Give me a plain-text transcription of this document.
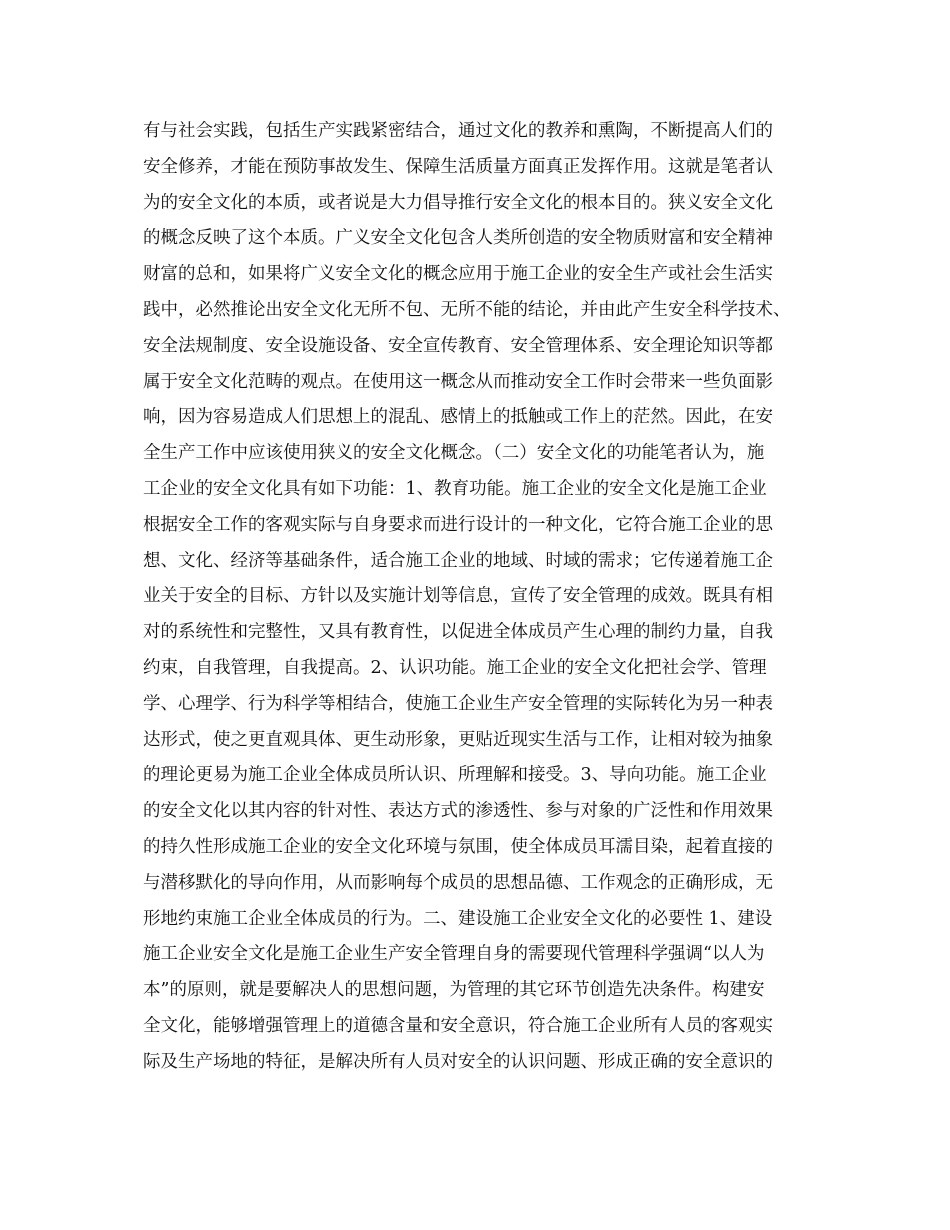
有与社会实践，包括生产实践紧密结合，通过文化的教养和熏陶，不断提高人们的
安全修养，才能在预防事故发生、保障生活质量方面真正发挥作用。这就是笔者认
为的安全文化的本质，或者说是大力倡导推行安全文化的根本目的。狭义安全文化
的概念反映了这个本质。广义安全文化包含人类所创造的安全物质财富和安全精神
财富的总和，如果将广义安全文化的概念应用于施工企业的安全生产或社会生活实
践中，必然推论出安全文化无所不包、无所不能的结论，并由此产生安全科学技术、
安全法规制度、安全设施设备、安全宣传教育、安全管理体系、安全理论知识等都
属于安全文化范畴的观点。在使用这一概念从而推动安全工作时会带来一些负面影
响，因为容易造成人们思想上的混乱、感情上的抵触或工作上的茫然。因此，在安
全生产工作中应该使用狭义的安全文化概念。（二）安全文化的功能笔者认为，施
工企业的安全文化具有如下功能：1、教育功能。施工企业的安全文化是施工企业
根据安全工作的客观实际与自身要求而进行设计的一种文化，它符合施工企业的思
想、文化、经济等基础条件，适合施工企业的地域、时域的需求；它传递着施工企
业关于安全的目标、方针以及实施计划等信息，宣传了安全管理的成效。既具有相
对的系统性和完整性，又具有教育性，以促进全体成员产生心理的制约力量，自我
约束，自我管理，自我提高。2、认识功能。施工企业的安全文化把社会学、管理
学、心理学、行为科学等相结合，使施工企业生产安全管理的实际转化为另一种表
达形式，使之更直观具体、更生动形象，更贴近现实生活与工作，让相对较为抽象
的理论更易为施工企业全体成员所认识、所理解和接受。3、导向功能。施工企业
的安全文化以其内容的针对性、表达方式的渗透性、参与对象的广泛性和作用效果
的持久性形成施工企业的安全文化环境与氛围，使全体成员耳濡目染，起着直接的
与潜移默化的导向作用，从而影响每个成员的思想品德、工作观念的正确形成，无
形地约束施工企业全体成员的行为。二、建设施工企业安全文化的必要性 1、建设
施工企业安全文化是施工企业生产安全管理自身的需要现代管理科学强调“以人为
本”的原则，就是要解决人的思想问题，为管理的其它环节创造先决条件。构建安
全文化，能够增强管理上的道德含量和安全意识，符合施工企业所有人员的客观实
际及生产场地的特征，是解决所有人员对安全的认识问题、形成正确的安全意识的
